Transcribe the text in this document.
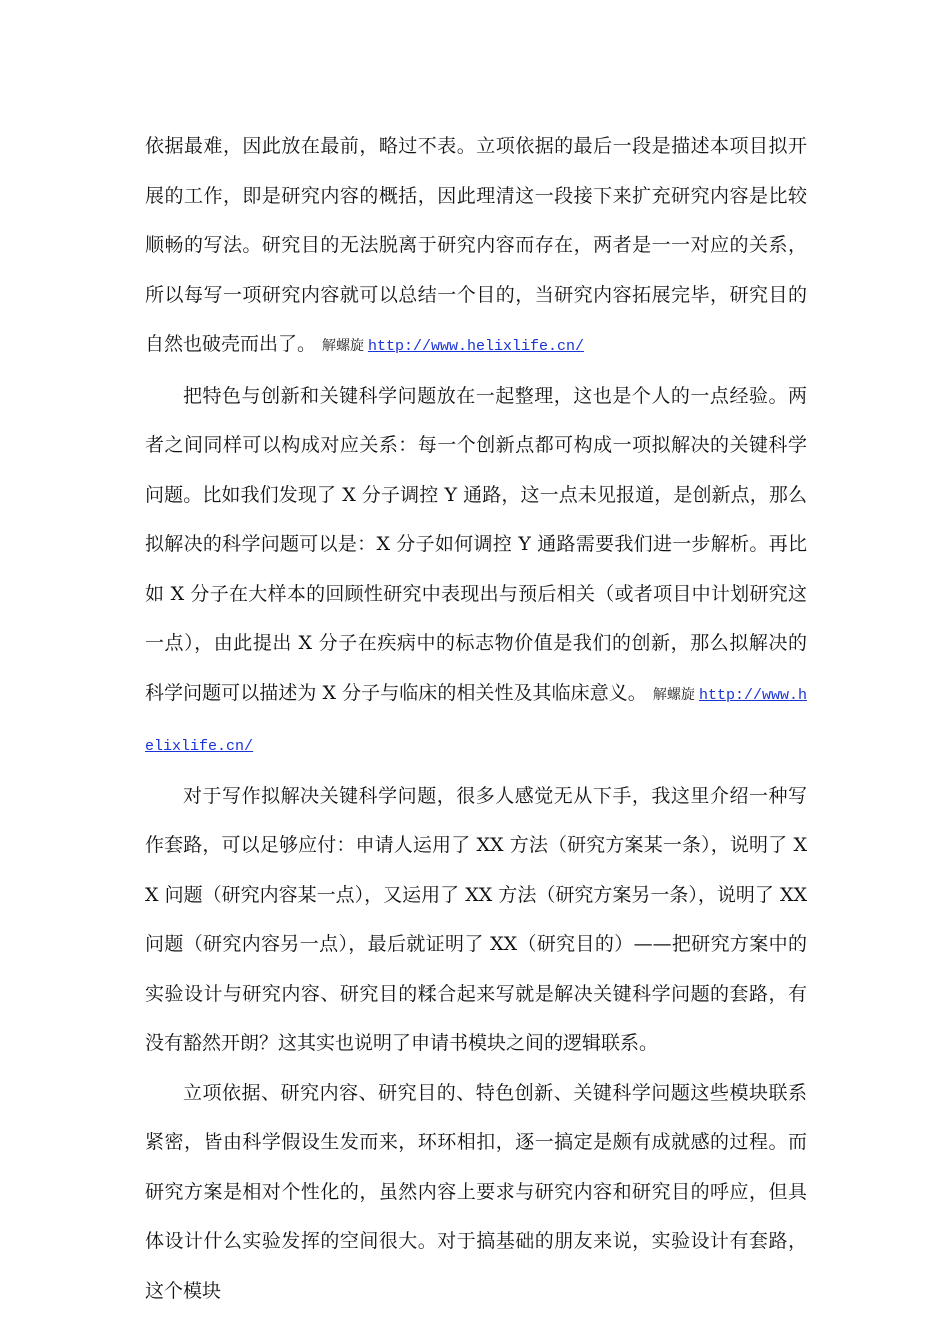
依据最难，因此放在最前，略过不表。立项依据的最后一段是描述本项目拟开展的工作，即是研究内容的概括，因此理清这一段接下来扩充研究内容是比较顺畅的写法。研究目的无法脱离于研究内容而存在，两者是一一对应的关系，所以每写一项研究内容就可以总结一个目的，当研究内容拓展完毕，研究目的自然也破壳而出了。 解螺旋 http://www.helixlife.cn/

把特色与创新和关键科学问题放在一起整理，这也是个人的一点经验。两者之间同样可以构成对应关系：每一个创新点都可构成一项拟解决的关键科学问题。比如我们发现了 X 分子调控 Y 通路，这一点未见报道，是创新点，那么拟解决的科学问题可以是：X 分子如何调控 Y 通路需要我们进一步解析。再比如 X 分子在大样本的回顾性研究中表现出与预后相关（或者项目中计划研究这一点），由此提出 X 分子在疾病中的标志物价值是我们的创新，那么拟解决的科学问题可以描述为 X 分子与临床的相关性及其临床意义。 解螺旋 http://www.helixlife.cn/

对于写作拟解决关键科学问题，很多人感觉无从下手，我这里介绍一种写作套路，可以足够应付：申请人运用了 XX 方法（研究方案某一条），说明了 XX 问题（研究内容某一点），又运用了 XX 方法（研究方案另一条），说明了 XX 问题（研究内容另一点），最后就证明了 XX（研究目的）——把研究方案中的实验设计与研究内容、研究目的糅合起来写就是解决关键科学问题的套路，有没有豁然开朗？这其实也说明了申请书模块之间的逻辑联系。

立项依据、研究内容、研究目的、特色创新、关键科学问题这些模块联系紧密，皆由科学假设生发而来，环环相扣，逐一搞定是颇有成就感的过程。而研究方案是相对个性化的，虽然内容上要求与研究内容和研究目的呼应，但具体设计什么实验发挥的空间很大。对于搞基础的朋友来说，实验设计有套路，这个模块
